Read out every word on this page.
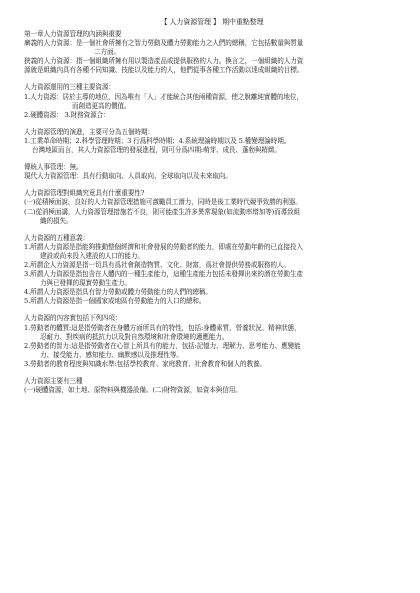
【 人力資源管理 】 期中重點整理
第一章人力資源管理的內涵與重要
廣義的人力資源：是一個社會所擁有之智力勞動及體力勞動能力之人們的總稱，它包括數量與質量
二方面。
狹義的人力資源：指一個組織所擁有用以製造產品或提供服務的人力。換言之，一個組織的人力資
源就是組織內具有各種不同知識、技能以及能力的人，他們從事各種工作活動以達成組織的目標。
人力資源運用的三種主要資源：
1.人力資源：居於主導的地位，因為唯有「人」才能統合其他兩種資源，使之脫離純實體的地位，
而創造更高的價值。
2.硬體資源： 3.財務資源合：
人力資源管理的演進，主要可分為五個時期：
1.工業革命時期；2.科學管理時期；3 行爲科學時期；4.系統理論時期以及 5.權變理論時期。
台灣地區而言，其人力資源管理的發展進程，則可分爲四期:萌芽、成長、蓬勃與精緻。
傳統人事管理：無。
現代人力資源管理：具有行動取向、人員取向、全球取向以及未來取向。
人力資源管理對組織究竟具有什麼重要性?
(一)從積極面說，良好的人力資源管理措施可激勵員工潛力，同時是後工業時代競爭致勝的利器。
(二)從消極面講，人力資源管理措施若不良，則可能產生許多異常現象(如流動率增加等)而導致組
織的損失。
人力資源的五種意義：
1.所謂人力資源是指能夠推動整個經濟和社會發展的勞動者的能力，即處在勞動年齡的已直接投入
建設或尚未投入建設的人口的能力。
2.所謂企人力資源是指一切具有爲社會創造物質、文化、財富，爲社會提供勞務或服務的人。
3.所謂人力資源是指包含在人體內的一種生產能力，這種生產能力包括未發揮出來的潛在勞動生產
力與已發揮的現實勞動生產力。
4.所謂人力資源是指具有智力勞動或體力勞動能力的人們的總稱。
5.所謂人力資源是指一個國家或地區有勞動能力的人口的總和。
人力資源的內容實包括下列四項：
1.勞動者的體質:這是指勞動者在身體方面所具有的特性，包括:身體素質、營養狀況、精神狀態，
忍耐力、對疾病的抵抗力以及對自然環境和社會環境的適應能力。
2.勞動者的智力:這是指勞動者在心智上所具有的能力，包括:記憶力、理解力、思考能力、應變能
力、接受能力、感知能力、幽默感以及推理性等。
3.勞動者的教育程度與知識水準:包括學校教育、家庭教育、社會教育和個人的教養。
人力資源主要有三種
(一)硬體資源，如土地、原物料與機器設備。(二)財物資源，如資本與信用。
